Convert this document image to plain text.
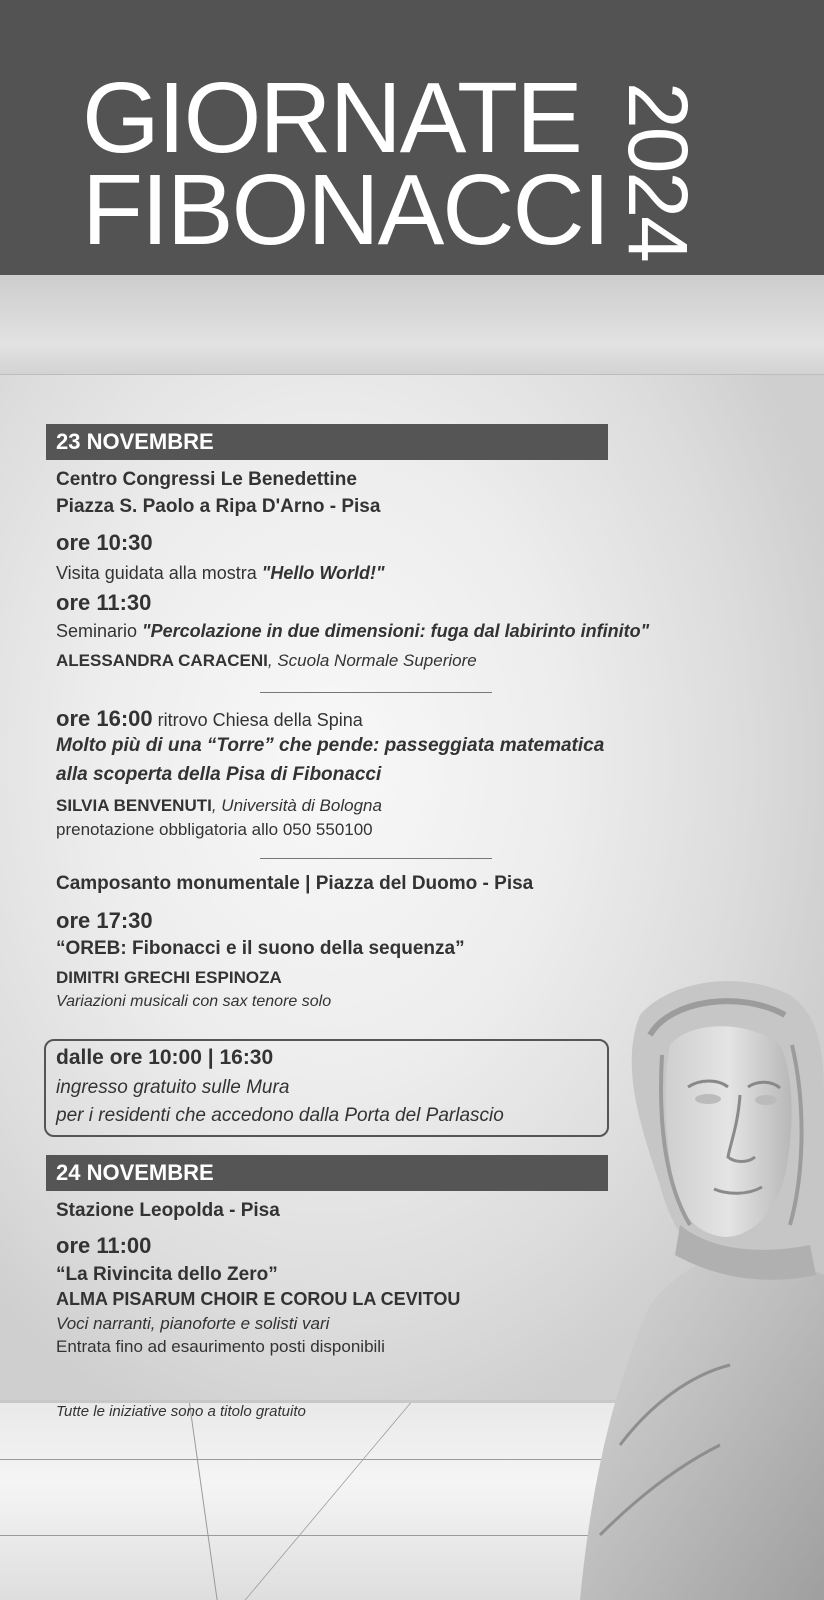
GIORNATE
FIBONACCI 2024
23 NOVEMBRE
Centro Congressi Le Benedettine
Piazza S. Paolo a Ripa D'Arno - Pisa
ore 10:30
Visita guidata alla mostra "Hello World!"
ore 11:30
Seminario "Percolazione in due dimensioni: fuga dal labirinto infinito"
ALESSANDRA CARACENI, Scuola Normale Superiore
ore 16:00 ritrovo Chiesa della Spina
Molto più di una “Torre” che pende: passeggiata matematica
alla scoperta della Pisa di Fibonacci
SILVIA BENVENUTI, Università di Bologna
prenotazione obbligatoria allo 050 550100
Camposanto monumentale | Piazza del Duomo - Pisa
ore 17:30
“OREB: Fibonacci e il suono della sequenza”
DIMITRI GRECHI ESPINOZA
Variazioni musicali con sax tenore solo
dalle ore 10:00 | 16:30
ingresso gratuito sulle Mura
per i residenti che accedono dalla Porta del Parlascio
24 NOVEMBRE
Stazione Leopolda - Pisa
ore 11:00
“La Rivincita dello Zero”
ALMA PISARUM CHOIR E COROU LA CEVITOU
Voci narranti, pianoforte e solisti vari
Entrata fino ad esaurimento posti disponibili
Tutte le iniziative sono a titolo gratuito
